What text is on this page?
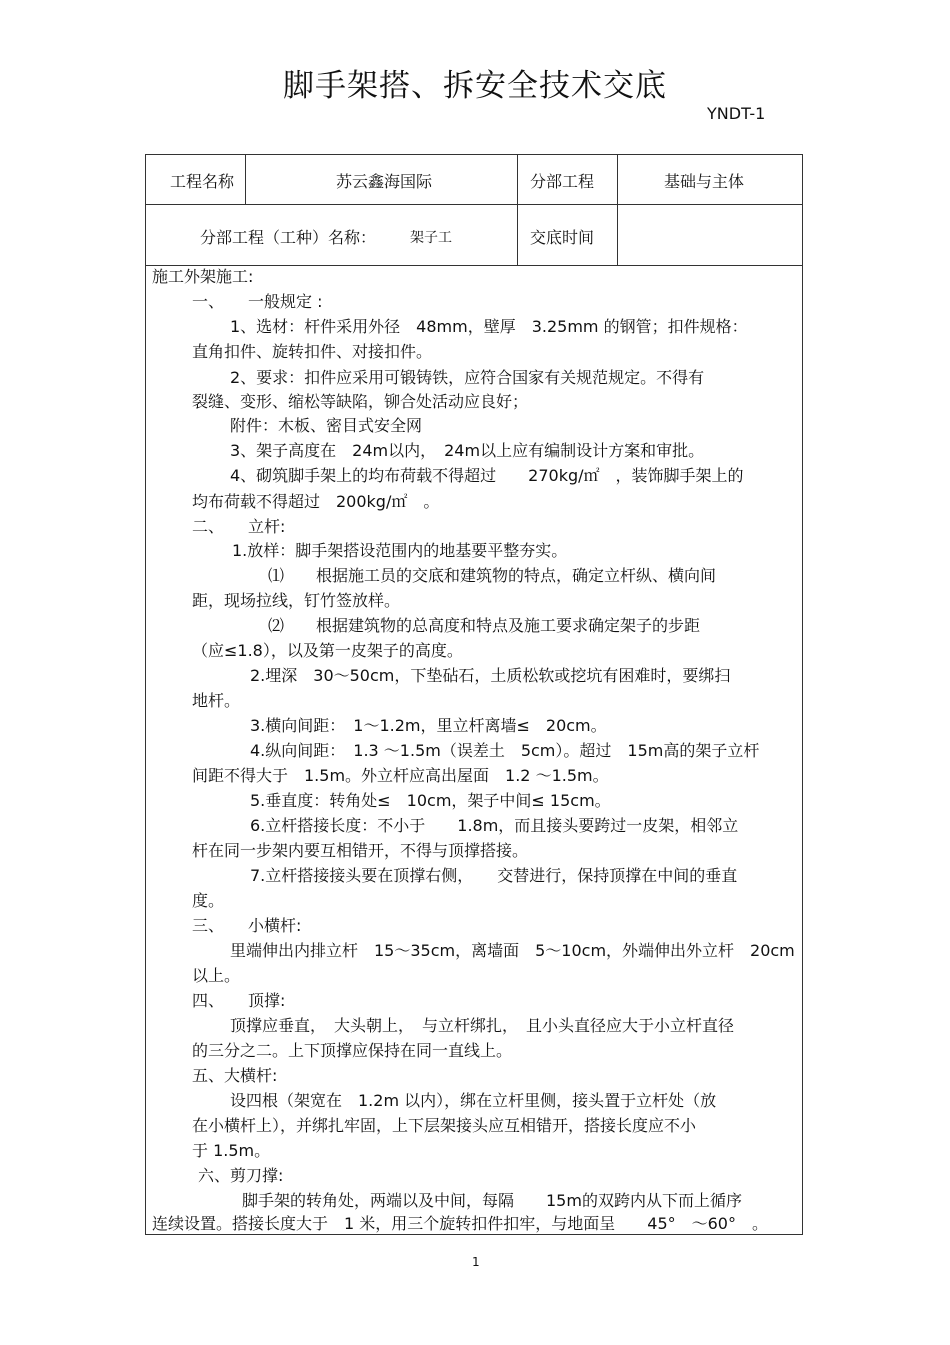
脚手架搭、拆安全技术交底
YNDT-1
工程名称	苏云鑫海国际	分部工程	基础与主体
分部工程（工种）名称： 架子工	交底时间
施工外架施工:
一、　　一般规定 :
1、选材：杆件采用外径　48mm，壁厚　3.25mm 的钢管；扣件规格：
直角扣件、旋转扣件、对接扣件。
2、要求：扣件应采用可锻铸铁，应符合国家有关规范规定。不得有
裂缝、变形、缩松等缺陷，铆合处活动应良好；
附件：木板、密目式安全网
3、架子高度在　24m以内，　24m以上应有编制设计方案和审批。
4、砌筑脚手架上的均布荷载不得超过　　270kg/㎡　，装饰脚手架上的
均布荷载不得超过　200kg/㎡　。
二、　　立杆:
1.放样：脚手架搭设范围内的地基要平整夯实。
⑴　　根据施工员的交底和建筑物的特点，确定立杆纵、横向间
距，现场拉线，钉竹签放样。
⑵　　根据建筑物的总高度和特点及施工要求确定架子的步距
（应≤1.8），以及第一皮架子的高度。
2.埋深　30～50cm，下垫砧石，土质松软或挖坑有困难时，要绑扫
地杆。
3.横向间距：　1～1.2m，里立杆离墙≤　20cm。
4.纵向间距：　1.3 ～1.5m（误差土　5cm）。超过　15m高的架子立杆
间距不得大于　1.5m。外立杆应高出屋面　1.2 ～1.5m。
5.垂直度：转角处≤　10cm，架子中间≤ 15cm。
6.立杆搭接长度：不小于　　1.8m，而且接头要跨过一皮架，相邻立
杆在同一步架内要互相错开，不得与顶撑搭接。
7.立杆搭接接头要在顶撑右侧，　　交替进行，保持顶撑在中间的垂直
度。
三、　　小横杆:
里端伸出内排立杆　15～35cm，离墙面　5～10cm，外端伸出外立杆　20cm
以上。
四、　　顶撑:
顶撑应垂直，　大头朝上，　与立杆绑扎，　且小头直径应大于小立杆直径
的三分之二。上下顶撑应保持在同一直线上。
五、大横杆:
设四根（架宽在　1.2m 以内），绑在立杆里侧，接头置于立杆处（放
在小横杆上），并绑扎牢固，上下层架接头应互相错开，搭接长度应不小
于 1.5m。
六、剪刀撑:
脚手架的转角处，两端以及中间，每隔　　15m的双跨内从下而上循序
连续设置。搭接长度大于　1 米，用三个旋转扣件扣牢，与地面呈　　45°　～60°　。
1
